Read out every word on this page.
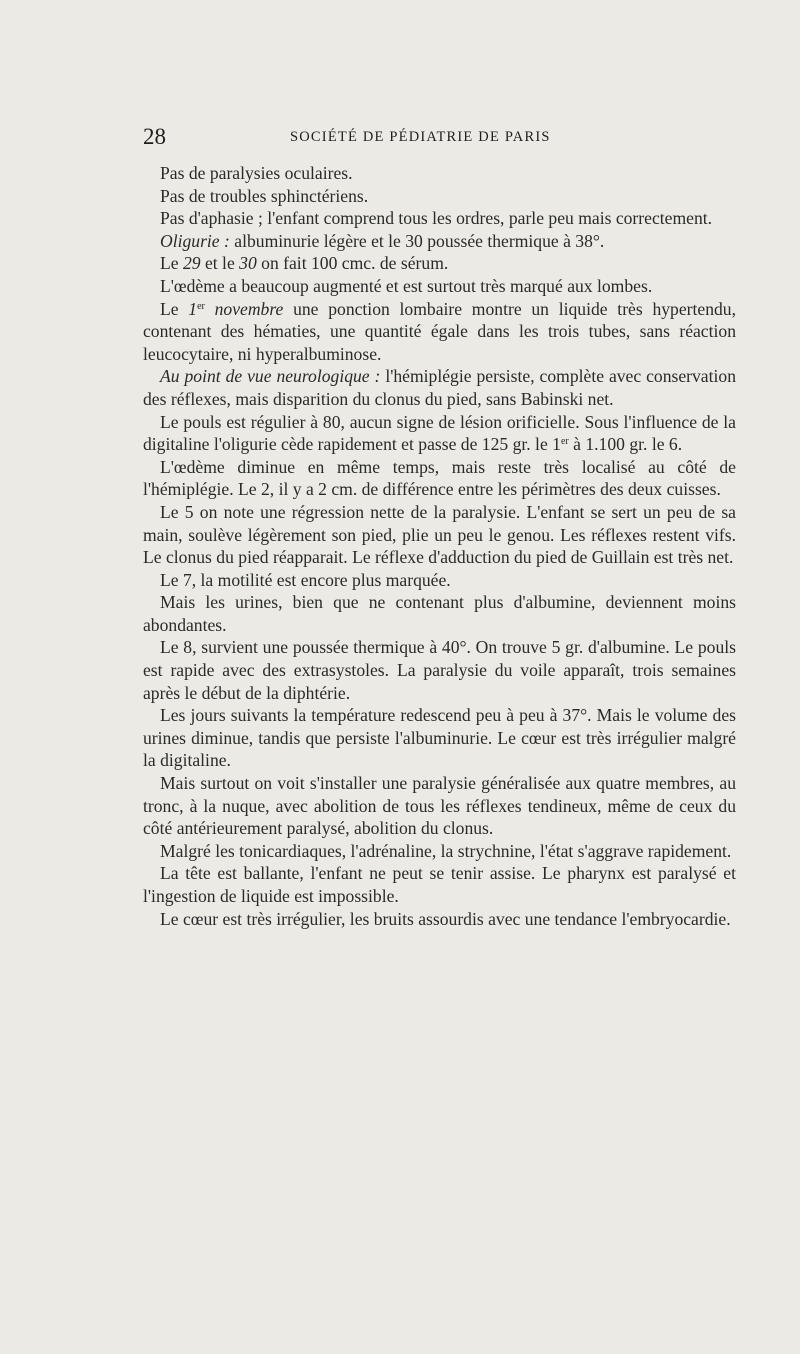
28	SOCIÉTÉ DE PÉDIATRIE DE PARIS

Pas de paralysies oculaires.

Pas de troubles sphinctériens.

Pas d'aphasie ; l'enfant comprend tous les ordres, parle peu mais correctement.

Oligurie : albuminurie légère et le 30 poussée thermique à 38°.

Le 29 et le 30 on fait 100 cmc. de sérum.

L'œdème a beaucoup augmenté et est surtout très marqué aux lombes.

Le 1er novembre une ponction lombaire montre un liquide très hypertendu, contenant des hématies, une quantité égale dans les trois tubes, sans réaction leucocytaire, ni hyperalbuminose.

Au point de vue neurologique : l'hémiplégie persiste, complète avec conservation des réflexes, mais disparition du clonus du pied, sans Babinski net.

Le pouls est régulier à 80, aucun signe de lésion orificielle. Sous l'influence de la digitaline l'oligurie cède rapidement et passe de 125 gr. le 1er à 1.100 gr. le 6.

L'œdème diminue en même temps, mais reste très localisé au côté de l'hémiplégie. Le 2, il y a 2 cm. de différence entre les périmètres des deux cuisses.

Le 5 on note une régression nette de la paralysie. L'enfant se sert un peu de sa main, soulève légèrement son pied, plie un peu le genou. Les réflexes restent vifs. Le clonus du pied réapparait. Le réflexe d'adduction du pied de Guillain est très net.

Le 7, la motilité est encore plus marquée.

Mais les urines, bien que ne contenant plus d'albumine, deviennent moins abondantes.

Le 8, survient une poussée thermique à 40°. On trouve 5 gr. d'albumine. Le pouls est rapide avec des extrasystoles. La paralysie du voile apparaît, trois semaines après le début de la diphtérie.

Les jours suivants la température redescend peu à peu à 37°. Mais le volume des urines diminue, tandis que persiste l'albuminurie. Le cœur est très irrégulier malgré la digitaline.

Mais surtout on voit s'installer une paralysie généralisée aux quatre membres, au tronc, à la nuque, avec abolition de tous les réflexes tendineux, même de ceux du côté antérieurement paralysé, abolition du clonus.

Malgré les tonicardiaques, l'adrénaline, la strychnine, l'état s'aggrave rapidement.

La tête est ballante, l'enfant ne peut se tenir assise. Le pharynx est paralysé et l'ingestion de liquide est impossible.

Le cœur est très irrégulier, les bruits assourdis avec une tendance l'embryocardie.
